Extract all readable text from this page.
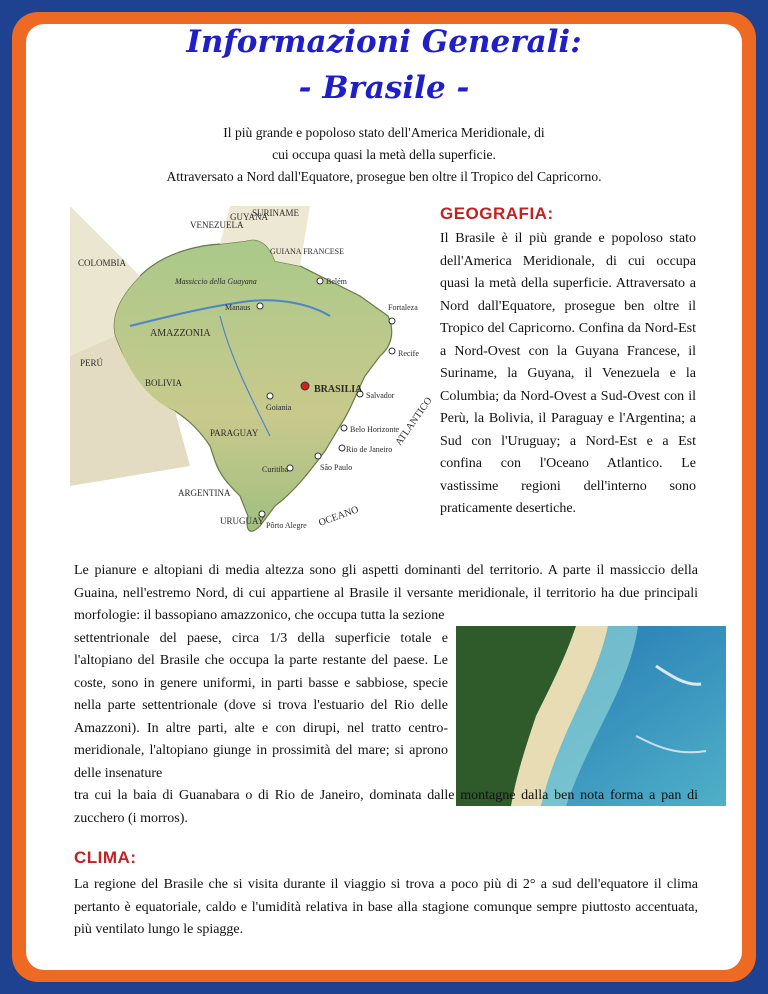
Informazioni Generali:
- Brasile -
Il più grande e popoloso stato dell'America Meridionale, di
cui occupa quasi la metà della superficie.
Attraversato a Nord dall'Equatore, prosegue ben oltre il Tropico del Capricorno.
VENEZUELA
GUYANA
SURINAME
GUIANA FRANCESE
COLOMBIA
PERÚ
BOLIVIA
PARAGUAY
ARGENTINA
URUGUAY
Massiccio della Guayana
AMAZZONIA
BRASILIA
Manaus
Belém
Fortaleza
Recife
Salvador
Goiania
Belo Horizonte
Rio de Janeiro
São Paulo
Curitiba
Pôrto Alegre
ATLANTICO
OCEANO
GEOGRAFIA:

Il Brasile è il più grande e popoloso stato dell'America Meridionale, di cui occupa quasi la metà della superficie. Attraversato a Nord dall'Equatore, prosegue ben oltre il Tropico del Capricorno. Confina da Nord-Est a Nord-Ovest con la Guyana Francese, il Suriname, la Guyana, il Venezuela e la Columbia; da Nord-Ovest a Sud-Ovest con il Perù, la Bolivia, il Paraguay e l'Argentina; a Sud con l'Uruguay; a Nord-Est e a Est confina con l'Oceano Atlantico. Le vastissime regioni dell'interno sono praticamente desertiche.

Le pianure e altopiani di media altezza sono gli aspetti dominanti del territorio. A parte il massiccio della Guaina, nell'estremo Nord, di cui appartiene al Brasile il versante meridionale, il territorio ha due principali morfologie: il bassopiano amazzonico, che occupa tutta la sezione
settentrionale del paese, circa 1/3 della superficie totale e l'altopiano del Brasile che occupa la parte restante del paese. Le coste, sono in genere uniformi, in parti basse e sabbiose, specie nella parte settentrionale (dove si trova l'estuario del Rio delle Amazzoni). In altre parti, alte e con dirupi, nel tratto centro-meridionale, l'altopiano giunge in prossimità del mare; si aprono delle insenature
tra cui la baia di Guanabara o di Rio de Janeiro, dominata dalle montagne dalla ben nota forma a pan di zucchero (i morros).

CLIMA:

La regione del Brasile che si visita durante il viaggio si trova a poco più di 2° a sud dell'equatore il clima pertanto è equatoriale, caldo e l'umidità relativa in base alla stagione comunque sempre piuttosto accentuata, più ventilato lungo le spiagge.
